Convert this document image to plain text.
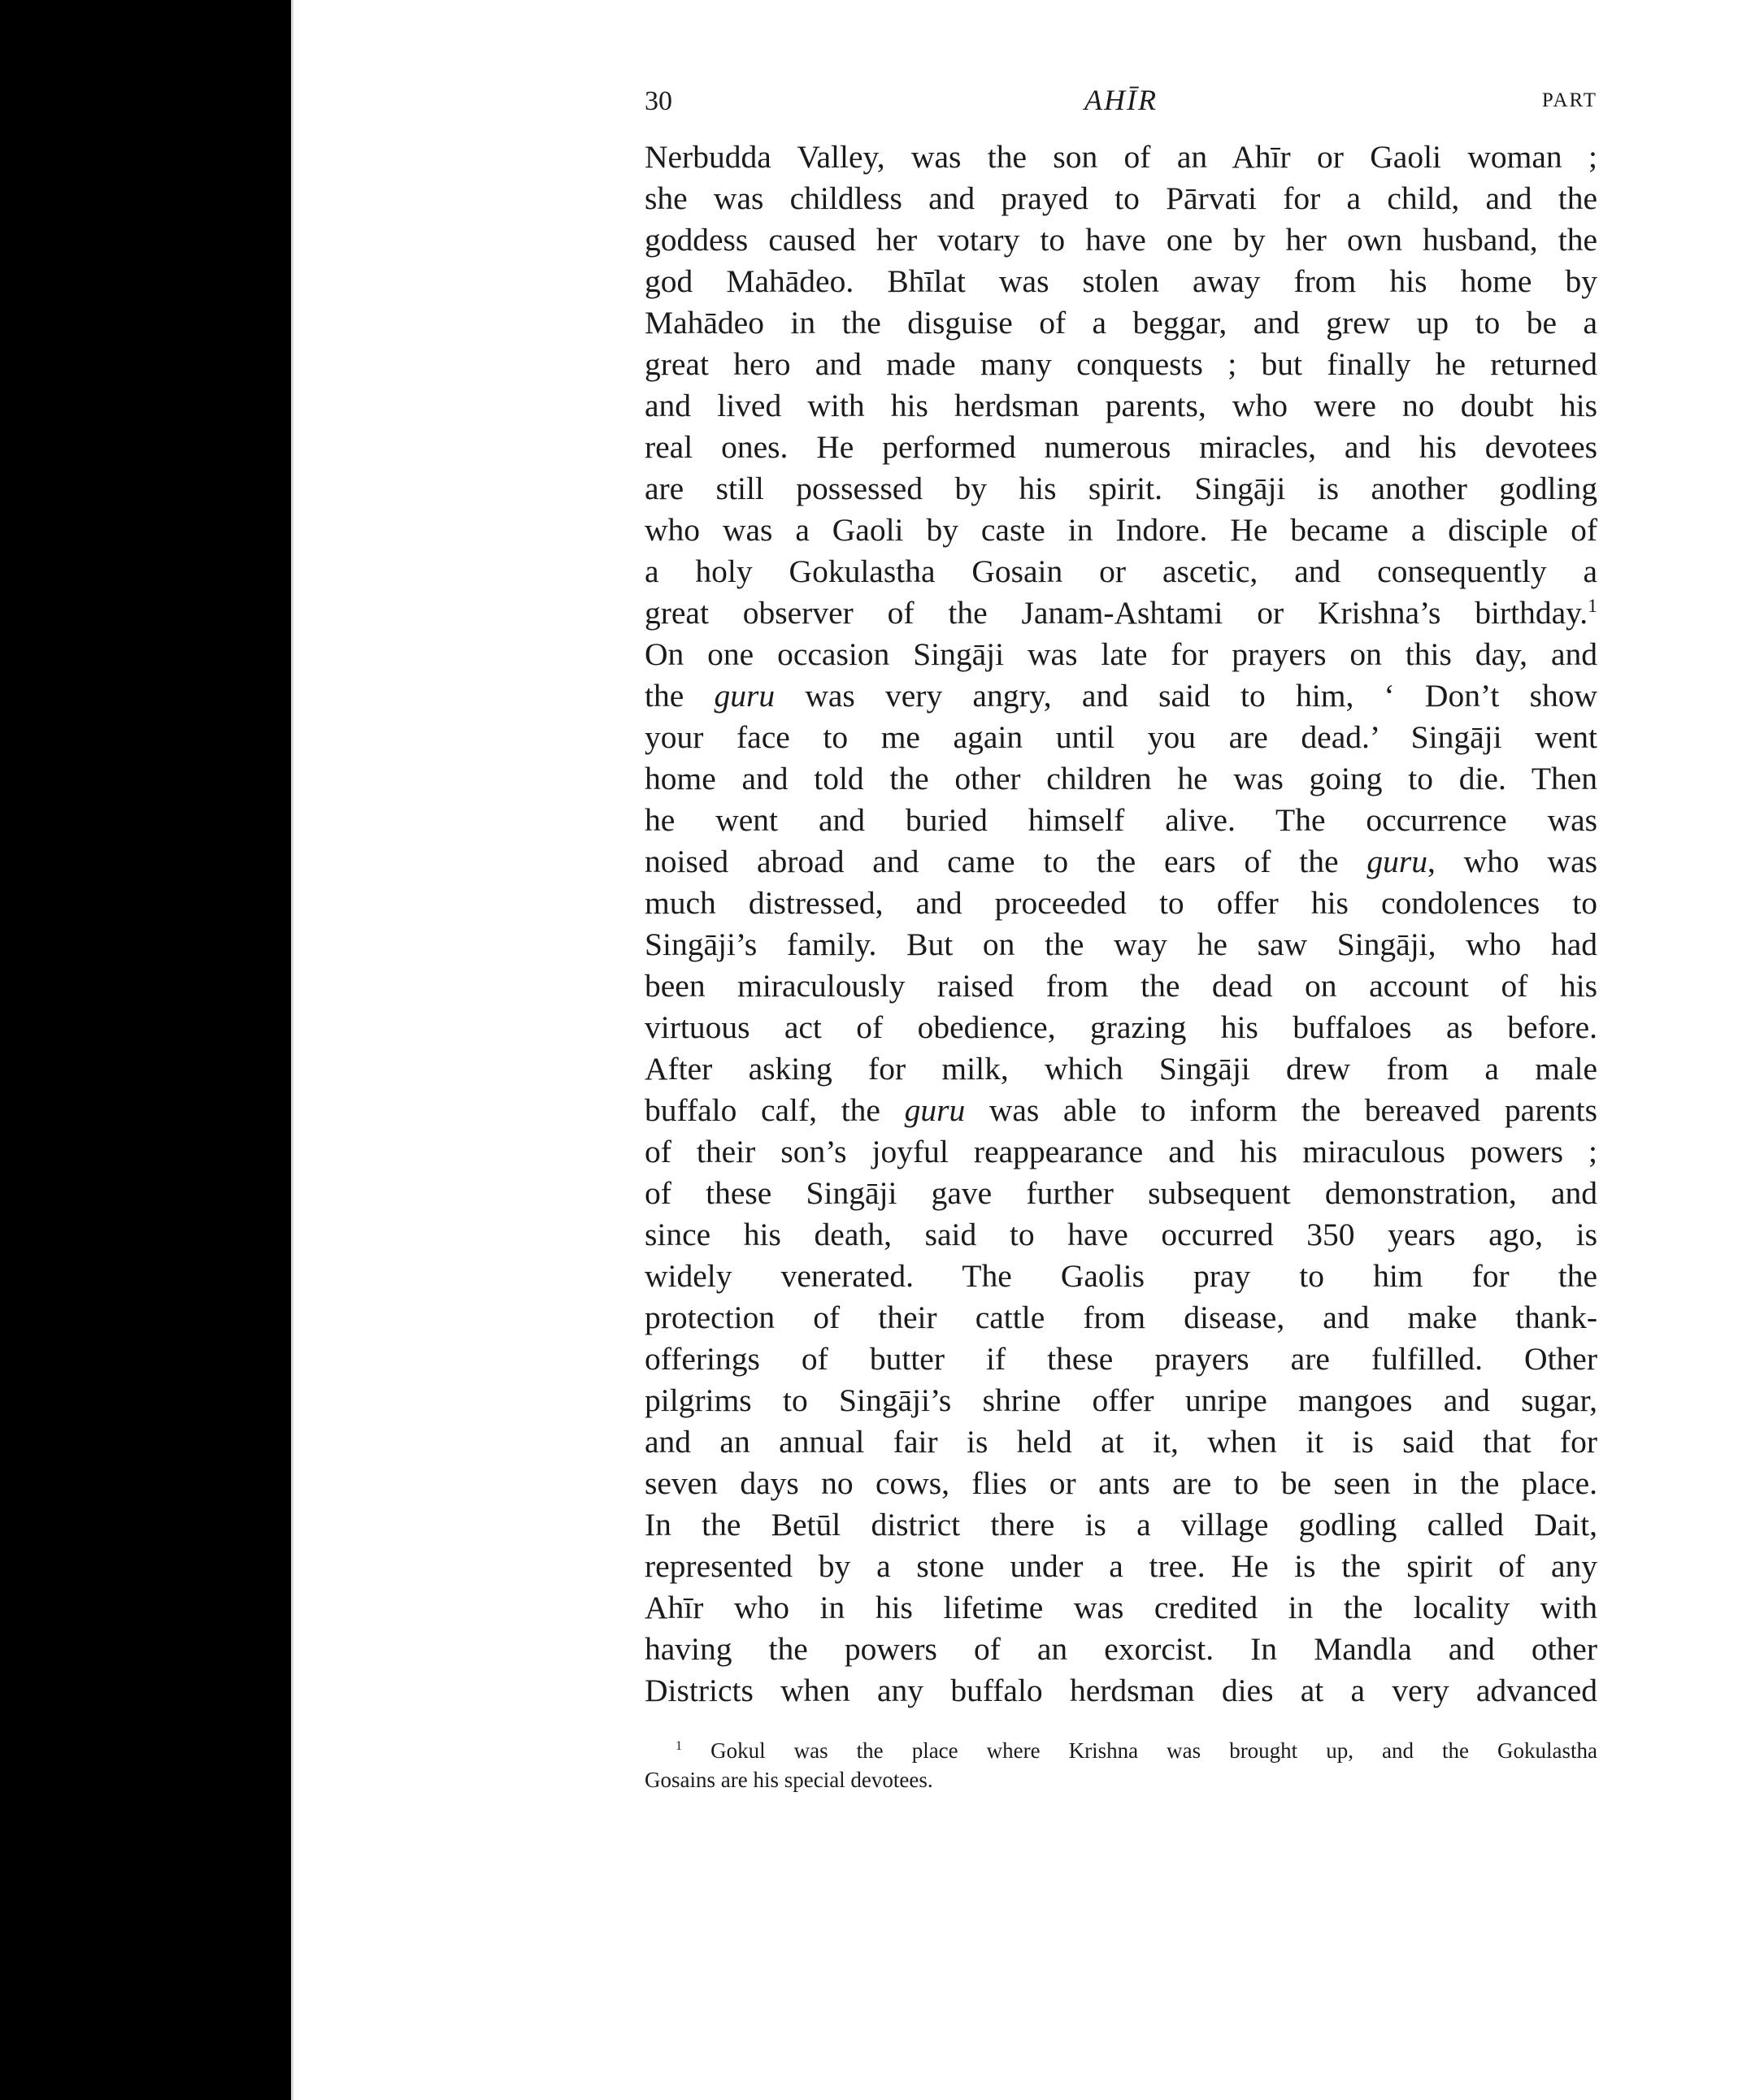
30	AHĪR	PART
Nerbudda Valley, was the son of an Ahīr or Gaoli woman ;
she was childless and prayed to Pārvati for a child, and the
goddess caused her votary to have one by her own husband, the
god Mahādeo. Bhīlat was stolen away from his home by
Mahādeo in the disguise of a beggar, and grew up to be a
great hero and made many conquests ; but finally he returned
and lived with his herdsman parents, who were no doubt his
real ones. He performed numerous miracles, and his devotees
are still possessed by his spirit. Singāji is another godling
who was a Gaoli by caste in Indore. He became a disciple of
a holy Gokulastha Gosain or ascetic, and consequently a
great observer of the Janam-Ashtami or Krishna’s birthday.$^1$
On one occasion Singāji was late for prayers on this day, and
the guru was very angry, and said to him, ‘ Don’t show
your face to me again until you are dead.’ Singāji went
home and told the other children he was going to die. Then
he went and buried himself alive. The occurrence was
noised abroad and came to the ears of the guru, who was
much distressed, and proceeded to offer his condolences to
Singāji’s family. But on the way he saw Singāji, who had
been miraculously raised from the dead on account of his
virtuous act of obedience, grazing his buffaloes as before.
After asking for milk, which Singāji drew from a male
buffalo calf, the guru was able to inform the bereaved parents
of their son’s joyful reappearance and his miraculous powers ;
of these Singāji gave further subsequent demonstration, and
since his death, said to have occurred 350 years ago, is
widely venerated. The Gaolis pray to him for the
protection of their cattle from disease, and make thank-
offerings of butter if these prayers are fulfilled. Other
pilgrims to Singāji’s shrine offer unripe mangoes and sugar,
and an annual fair is held at it, when it is said that for
seven days no cows, flies or ants are to be seen in the place.
In the Betūl district there is a village godling called Dait,
represented by a stone under a tree. He is the spirit of any
Ahīr who in his lifetime was credited in the locality with
having the powers of an exorcist. In Mandla and other
Districts when any buffalo herdsman dies at a very advanced
$^1$ Gokul was the place where Krishna was brought up, and the Gokulastha
Gosains are his special devotees.
